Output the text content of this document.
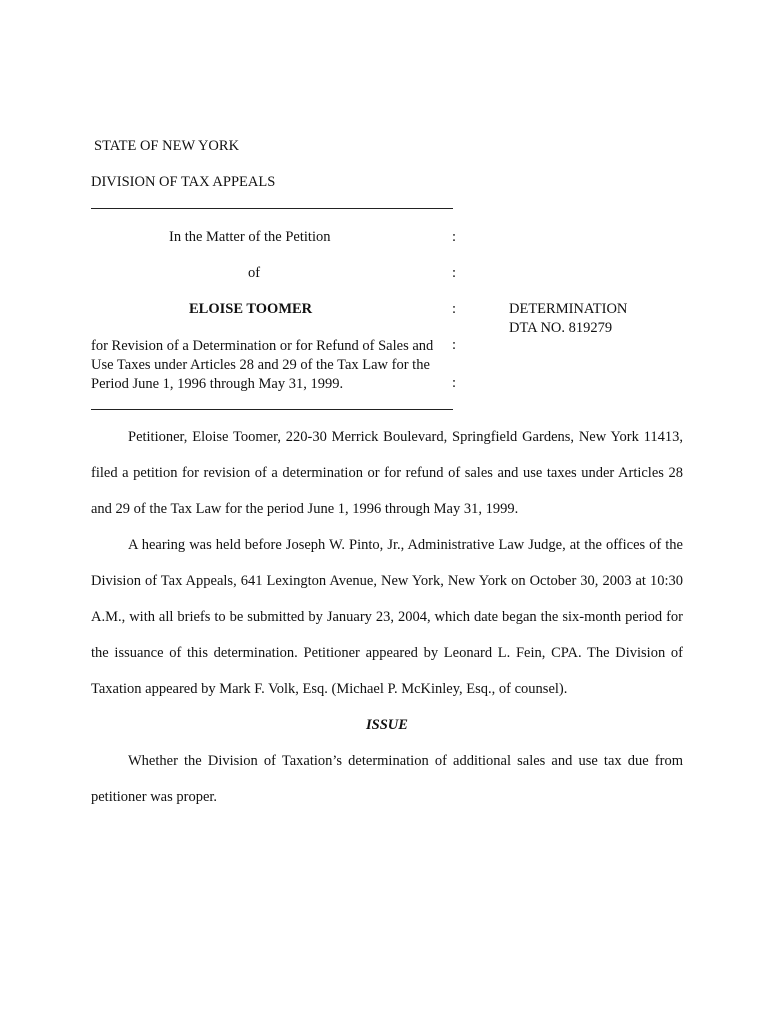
STATE OF NEW YORK
DIVISION OF TAX APPEALS
In the Matter of the Petition	:
of	:
ELOISE TOOMER	:	DETERMINATION
DTA NO. 819279
for Revision of a Determination or for Refund of Sales and :
Use Taxes under Articles 28 and 29 of the Tax Law for the
Period June 1, 1996 through May 31, 1999.	:

Petitioner, Eloise Toomer, 220-30 Merrick Boulevard, Springfield Gardens, New York 11413, filed a petition for revision of a determination or for refund of sales and use taxes under Articles 28 and 29 of the Tax Law for the period June 1, 1996 through May 31, 1999.

A hearing was held before Joseph W. Pinto, Jr., Administrative Law Judge, at the offices of the Division of Tax Appeals, 641 Lexington Avenue, New York, New York on October 30, 2003 at 10:30 A.M., with all briefs to be submitted by January 23, 2004, which date began the six-month period for the issuance of this determination. Petitioner appeared by Leonard L. Fein, CPA. The Division of Taxation appeared by Mark F. Volk, Esq. (Michael P. McKinley, Esq., of counsel).

ISSUE

Whether the Division of Taxation’s determination of additional sales and use tax due from petitioner was proper.
